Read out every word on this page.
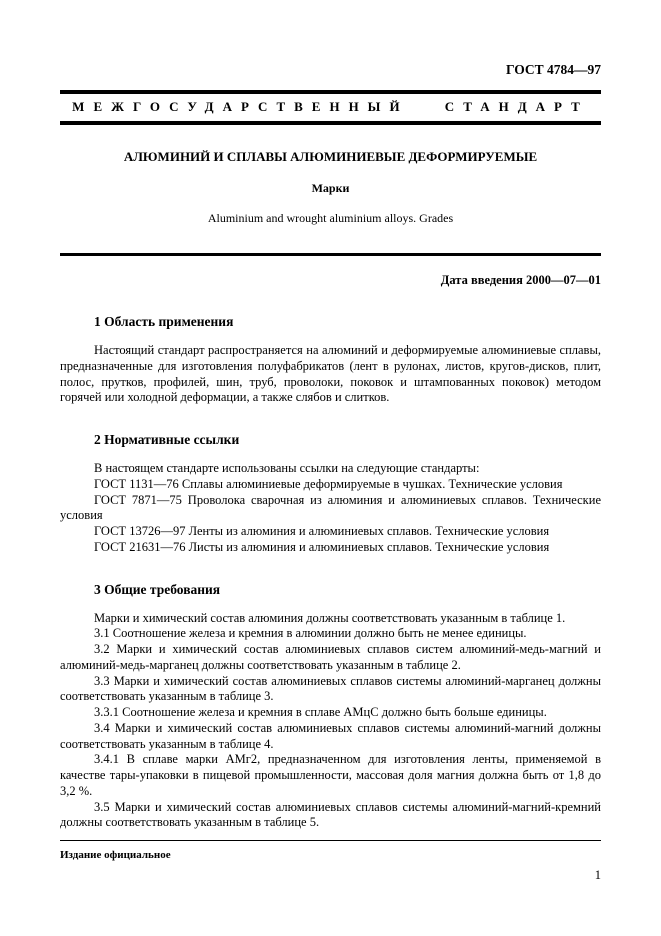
ГОСТ 4784—97
МЕЖГОСУДАРСТВЕННЫЙ СТАНДАРТ
АЛЮМИНИЙ И СПЛАВЫ АЛЮМИНИЕВЫЕ ДЕФОРМИРУЕМЫЕ
Марки
Aluminium and wrought aluminium alloys. Grades
Дата введения 2000—07—01
1 Область применения

Настоящий стандарт распространяется на алюминий и деформируемые алюминиевые сплавы, предназначенные для изготовления полуфабрикатов (лент в рулонах, листов, кругов-дисков, плит, полос, прутков, профилей, шин, труб, проволоки, поковок и штампованных поковок) методом горячей или холодной деформации, а также слябов и слитков.

2 Нормативные ссылки

В настоящем стандарте использованы ссылки на следующие стандарты:

ГОСТ 1131—76 Сплавы алюминиевые деформируемые в чушках. Технические условия

ГОСТ 7871—75 Проволока сварочная из алюминия и алюминиевых сплавов. Технические условия

ГОСТ 13726—97 Ленты из алюминия и алюминиевых сплавов. Технические условия

ГОСТ 21631—76 Листы из алюминия и алюминиевых сплавов. Технические условия

3 Общие требования

Марки и химический состав алюминия должны соответствовать указанным в таблице 1.

3.1 Соотношение железа и кремния в алюминии должно быть не менее единицы.

3.2 Марки и химический состав алюминиевых сплавов систем алюминий-медь-магний и алюминий-медь-марганец должны соответствовать указанным в таблице 2.

3.3 Марки и химический состав алюминиевых сплавов системы алюминий-марганец должны соответствовать указанным в таблице 3.

3.3.1 Соотношение железа и кремния в сплаве АМцС должно быть больше единицы.

3.4 Марки и химический состав алюминиевых сплавов системы алюминий-магний должны соответствовать указанным в таблице 4.

3.4.1 В сплаве марки АМг2, предназначенном для изготовления ленты, применяемой в качестве тары-упаковки в пищевой промышленности, массовая доля магния должна быть от 1,8 до 3,2 %.

3.5 Марки и химический состав алюминиевых сплавов системы алюминий-магний-кремний должны соответствовать указанным в таблице 5.

Издание официальное
1
